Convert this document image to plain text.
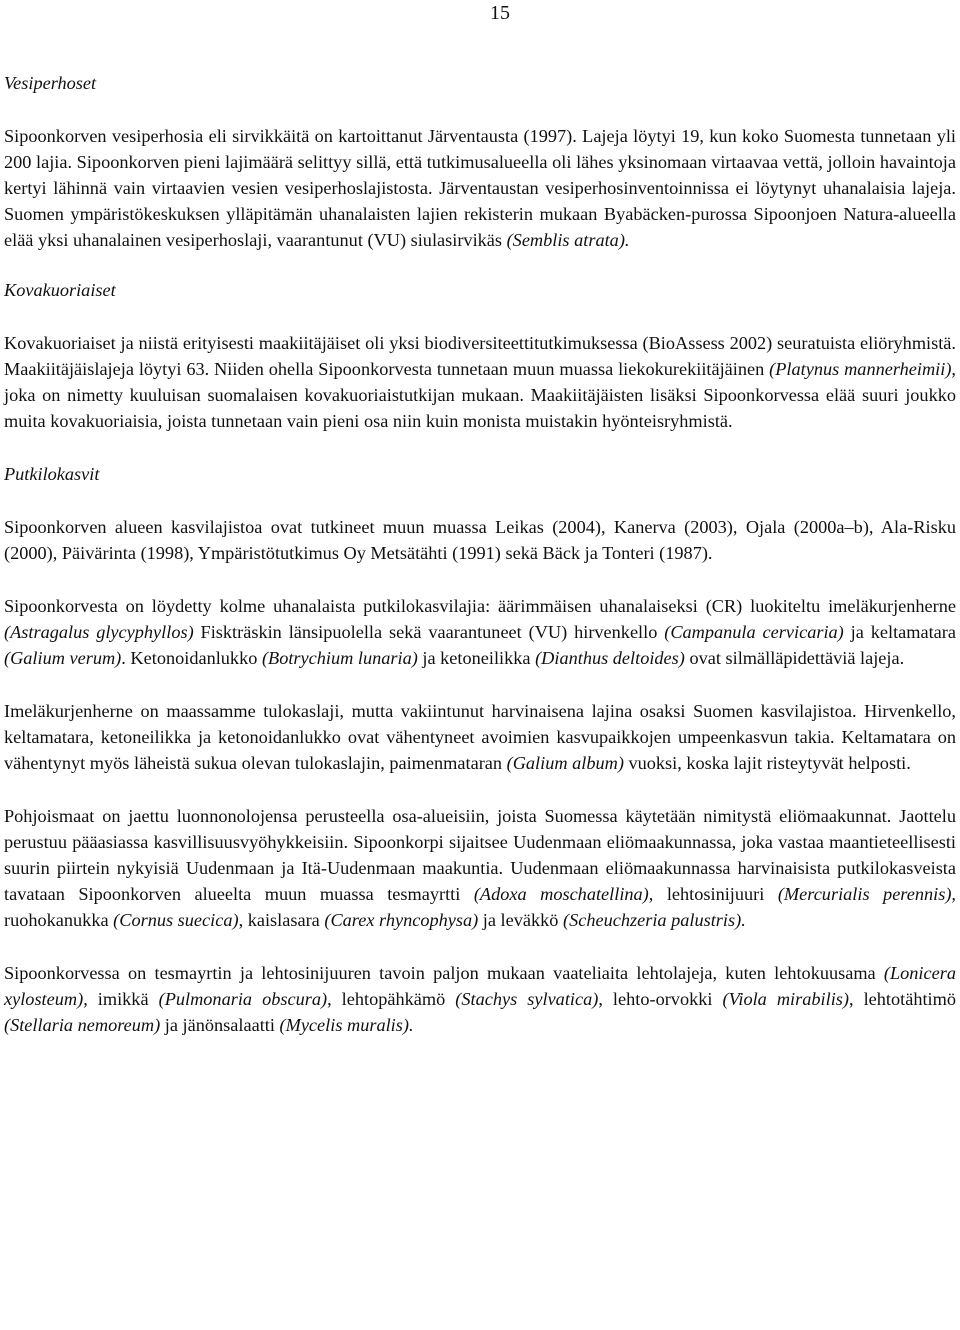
15
Vesiperhoset

Sipoonkorven vesiperhosia eli sirvikkäitä on kartoittanut Järventausta (1997). Lajeja löytyi 19, kun koko Suomesta tunnetaan yli 200 lajia. Sipoonkorven pieni lajimäärä selittyy sillä, että tutkimusalueella oli lähes yksinomaan virtaavaa vettä, jolloin havaintoja kertyi lähinnä vain virtaavien vesien vesiperhoslajistosta. Järventaustan vesiperhosinventoinnissa ei löytynyt uhanalaisia lajeja. Suomen ympäristökeskuksen ylläpitämän uhanalaisten lajien rekisterin mukaan Byabäcken-purossa Sipoonjoen Natura-alueella elää yksi uhanalainen vesiperhoslaji, vaarantunut (VU) siulasirvikäs (Semblis atrata).

Kovakuoriaiset

Kovakuoriaiset ja niistä erityisesti maakiitäjäiset oli yksi biodiversiteettitutkimuksessa (BioAssess 2002) seuratuista eliöryhmistä. Maakiitäjäislajeja löytyi 63. Niiden ohella Sipoonkorvesta tunnetaan muun muassa liekokurekiitäjäinen (Platynus mannerheimii), joka on nimetty kuuluisan suomalaisen kovakuoriaistutkijan mukaan. Maakiitäjäisten lisäksi Sipoonkorvessa elää suuri joukko muita kovakuoriaisia, joista tunnetaan vain pieni osa niin kuin monista muistakin hyönteisryhmistä.

Putkilokasvit

Sipoonkorven alueen kasvilajistoa ovat tutkineet muun muassa Leikas (2004), Kanerva (2003), Ojala (2000a–b), Ala-Risku (2000), Päivärinta (1998), Ympäristötutkimus Oy Metsätähti (1991) sekä Bäck ja Tonteri (1987).

Sipoonkorvesta on löydetty kolme uhanalaista putkilokasvilajia: äärimmäisen uhanalaiseksi (CR) luokiteltu imeläkurjenherne (Astragalus glycyphyllos) Fiskträskin länsipuolella sekä vaarantuneet (VU) hirvenkello (Campanula cervicaria) ja keltamatara (Galium verum). Ketonoidanlukko (Botrychium lunaria) ja ketoneilikka (Dianthus deltoides) ovat silmälläpidettäviä lajeja.

Imeläkurjenherne on maassamme tulokaslaji, mutta vakiintunut harvinaisena lajina osaksi Suomen kasvilajistoa. Hirvenkello, keltamatara, ketoneilikka ja ketonoidanlukko ovat vähentyneet avoimien kasvupaikkojen umpeenkasvun takia. Keltamatara on vähentynyt myös läheistä sukua olevan tulokaslajin, paimenmataran (Galium album) vuoksi, koska lajit risteytyvät helposti.

Pohjoismaat on jaettu luonnonolojensa perusteella osa-alueisiin, joista Suomessa käytetään nimitystä eliömaakunnat. Jaottelu perustuu pääasiassa kasvillisuusvyöhykkeisiin. Sipoonkorpi sijaitsee Uudenmaan eliömaakunnassa, joka vastaa maantieteellisesti suurin piirtein nykyisiä Uudenmaan ja Itä-Uudenmaan maakuntia. Uudenmaan eliömaakunnassa harvinaisista putkilokasveista tavataan Sipoonkorven alueelta muun muassa tesmayrtti (Adoxa moschatellina), lehtosinijuuri (Mercurialis perennis), ruohokanukka (Cornus suecica), kaislasara (Carex rhyncophysa) ja leväkkö (Scheuchzeria palustris).

Sipoonkorvessa on tesmayrtin ja lehtosinijuuren tavoin paljon mukaan vaateliaita lehtolajeja, kuten lehtokuusama (Lonicera xylosteum), imikkä (Pulmonaria obscura), lehtopähkämö (Stachys sylvatica), lehto-orvokki (Viola mirabilis), lehtotähtimö (Stellaria nemoreum) ja jänönsalaatti (Mycelis muralis).
